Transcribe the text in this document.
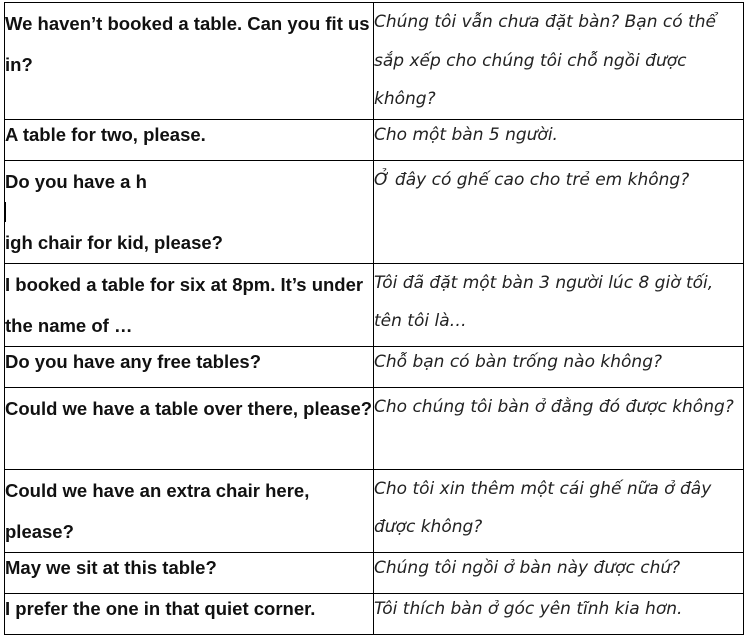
We haven’t booked a table. Can you fit us in?	Chúng tôi vẫn chưa đặt bàn? Bạn có thể sắp xếp cho chúng tôi chỗ ngồi được không?

A table for two, please.	Cho một bàn 5 người.

Do you have a h
igh chair for kid, please?	Ở đây có ghế cao cho trẻ em không?

I booked a table for six at 8pm. It’s under the name of …	Tôi đã đặt một bàn 3 người lúc 8 giờ tối, tên tôi là…

Do you have any free tables?	Chỗ bạn có bàn trống nào không?

Could we have a table over there, please?	Cho chúng tôi bàn ở đằng đó được không?

Could we have an extra chair here, please?	Cho tôi xin thêm một cái ghế nữa ở đây được không?

May we sit at this table?	Chúng tôi ngồi ở bàn này được chứ?

I prefer the one in that quiet corner.	Tôi thích bàn ở góc yên tĩnh kia hơn.
